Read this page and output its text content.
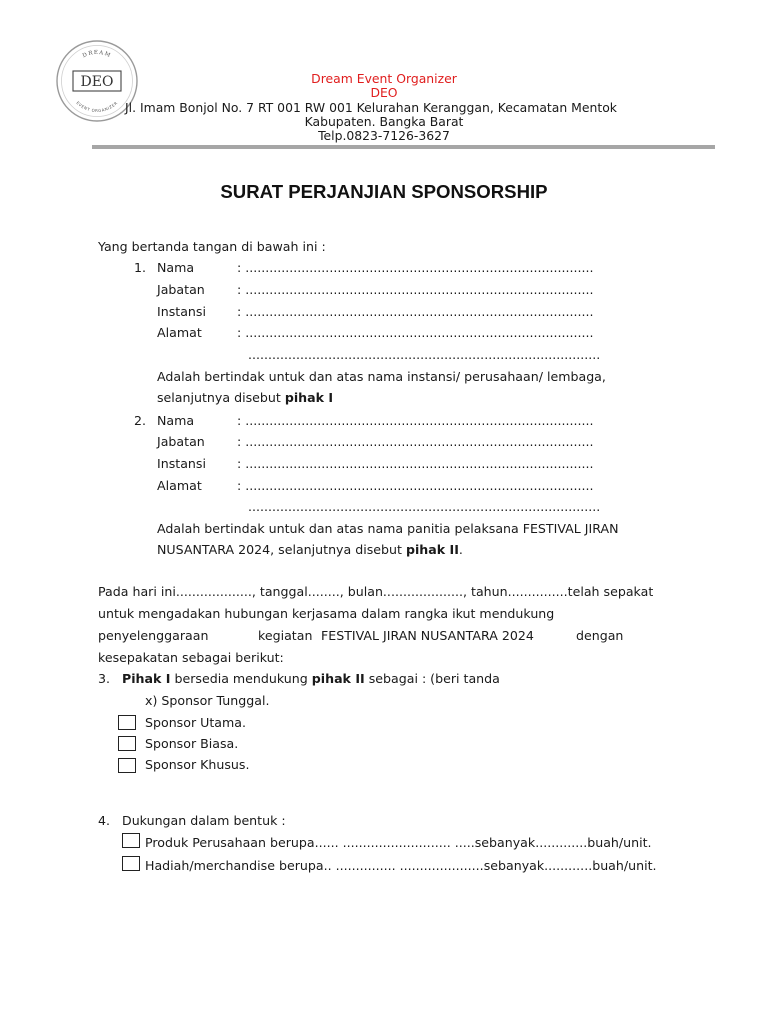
DREAM
DEO
EVENT ORGANIZER
Dream Event Organizer
DEO
Jl. Imam Bonjol No. 7 RT 001 RW 001 Kelurahan Keranggan, Kecamatan Mentok
Kabupaten. Bangka Barat
Telp.0823-7126-3627
SURAT PERJANJIAN SPONSORSHIP
Yang bertanda tangan di bawah ini :
1. Nama	: .......................................................................................
Jabatan	: .......................................................................................
Instansi : .......................................................................................
Alamat	: .......................................................................................
........................................................................................
Adalah bertindak untuk dan atas nama instansi/ perusahaan/ lembaga,
selanjutnya disebut pihak I
2. Nama	: .......................................................................................
Jabatan	: .......................................................................................
Instansi : .......................................................................................
Alamat	: .......................................................................................
........................................................................................
Adalah bertindak untuk dan atas nama panitia pelaksana FESTIVAL JIRAN
NUSANTARA 2024, selanjutnya disebut pihak II.
Pada hari ini..................., tanggal........, bulan...................., tahun...............telah sepakat
untuk mengadakan hubungan kerjasama dalam rangka ikut mendukung
penyelenggaraan	kegiatan FESTIVAL JIRAN NUSANTARA 2024	dengan
kesepakatan sebagai berikut:
3. Pihak I bersedia mendukung pihak II sebagai : (beri tanda
x) Sponsor Tunggal.
Sponsor Utama.
Sponsor Biasa.
Sponsor Khusus.
4. Dukungan dalam bentuk :
Produk Perusahaan berupa...... ........................... .....sebanyak.............buah/unit.
Hadiah/merchandise berupa.. ............... .....................sebanyak............buah/unit.
